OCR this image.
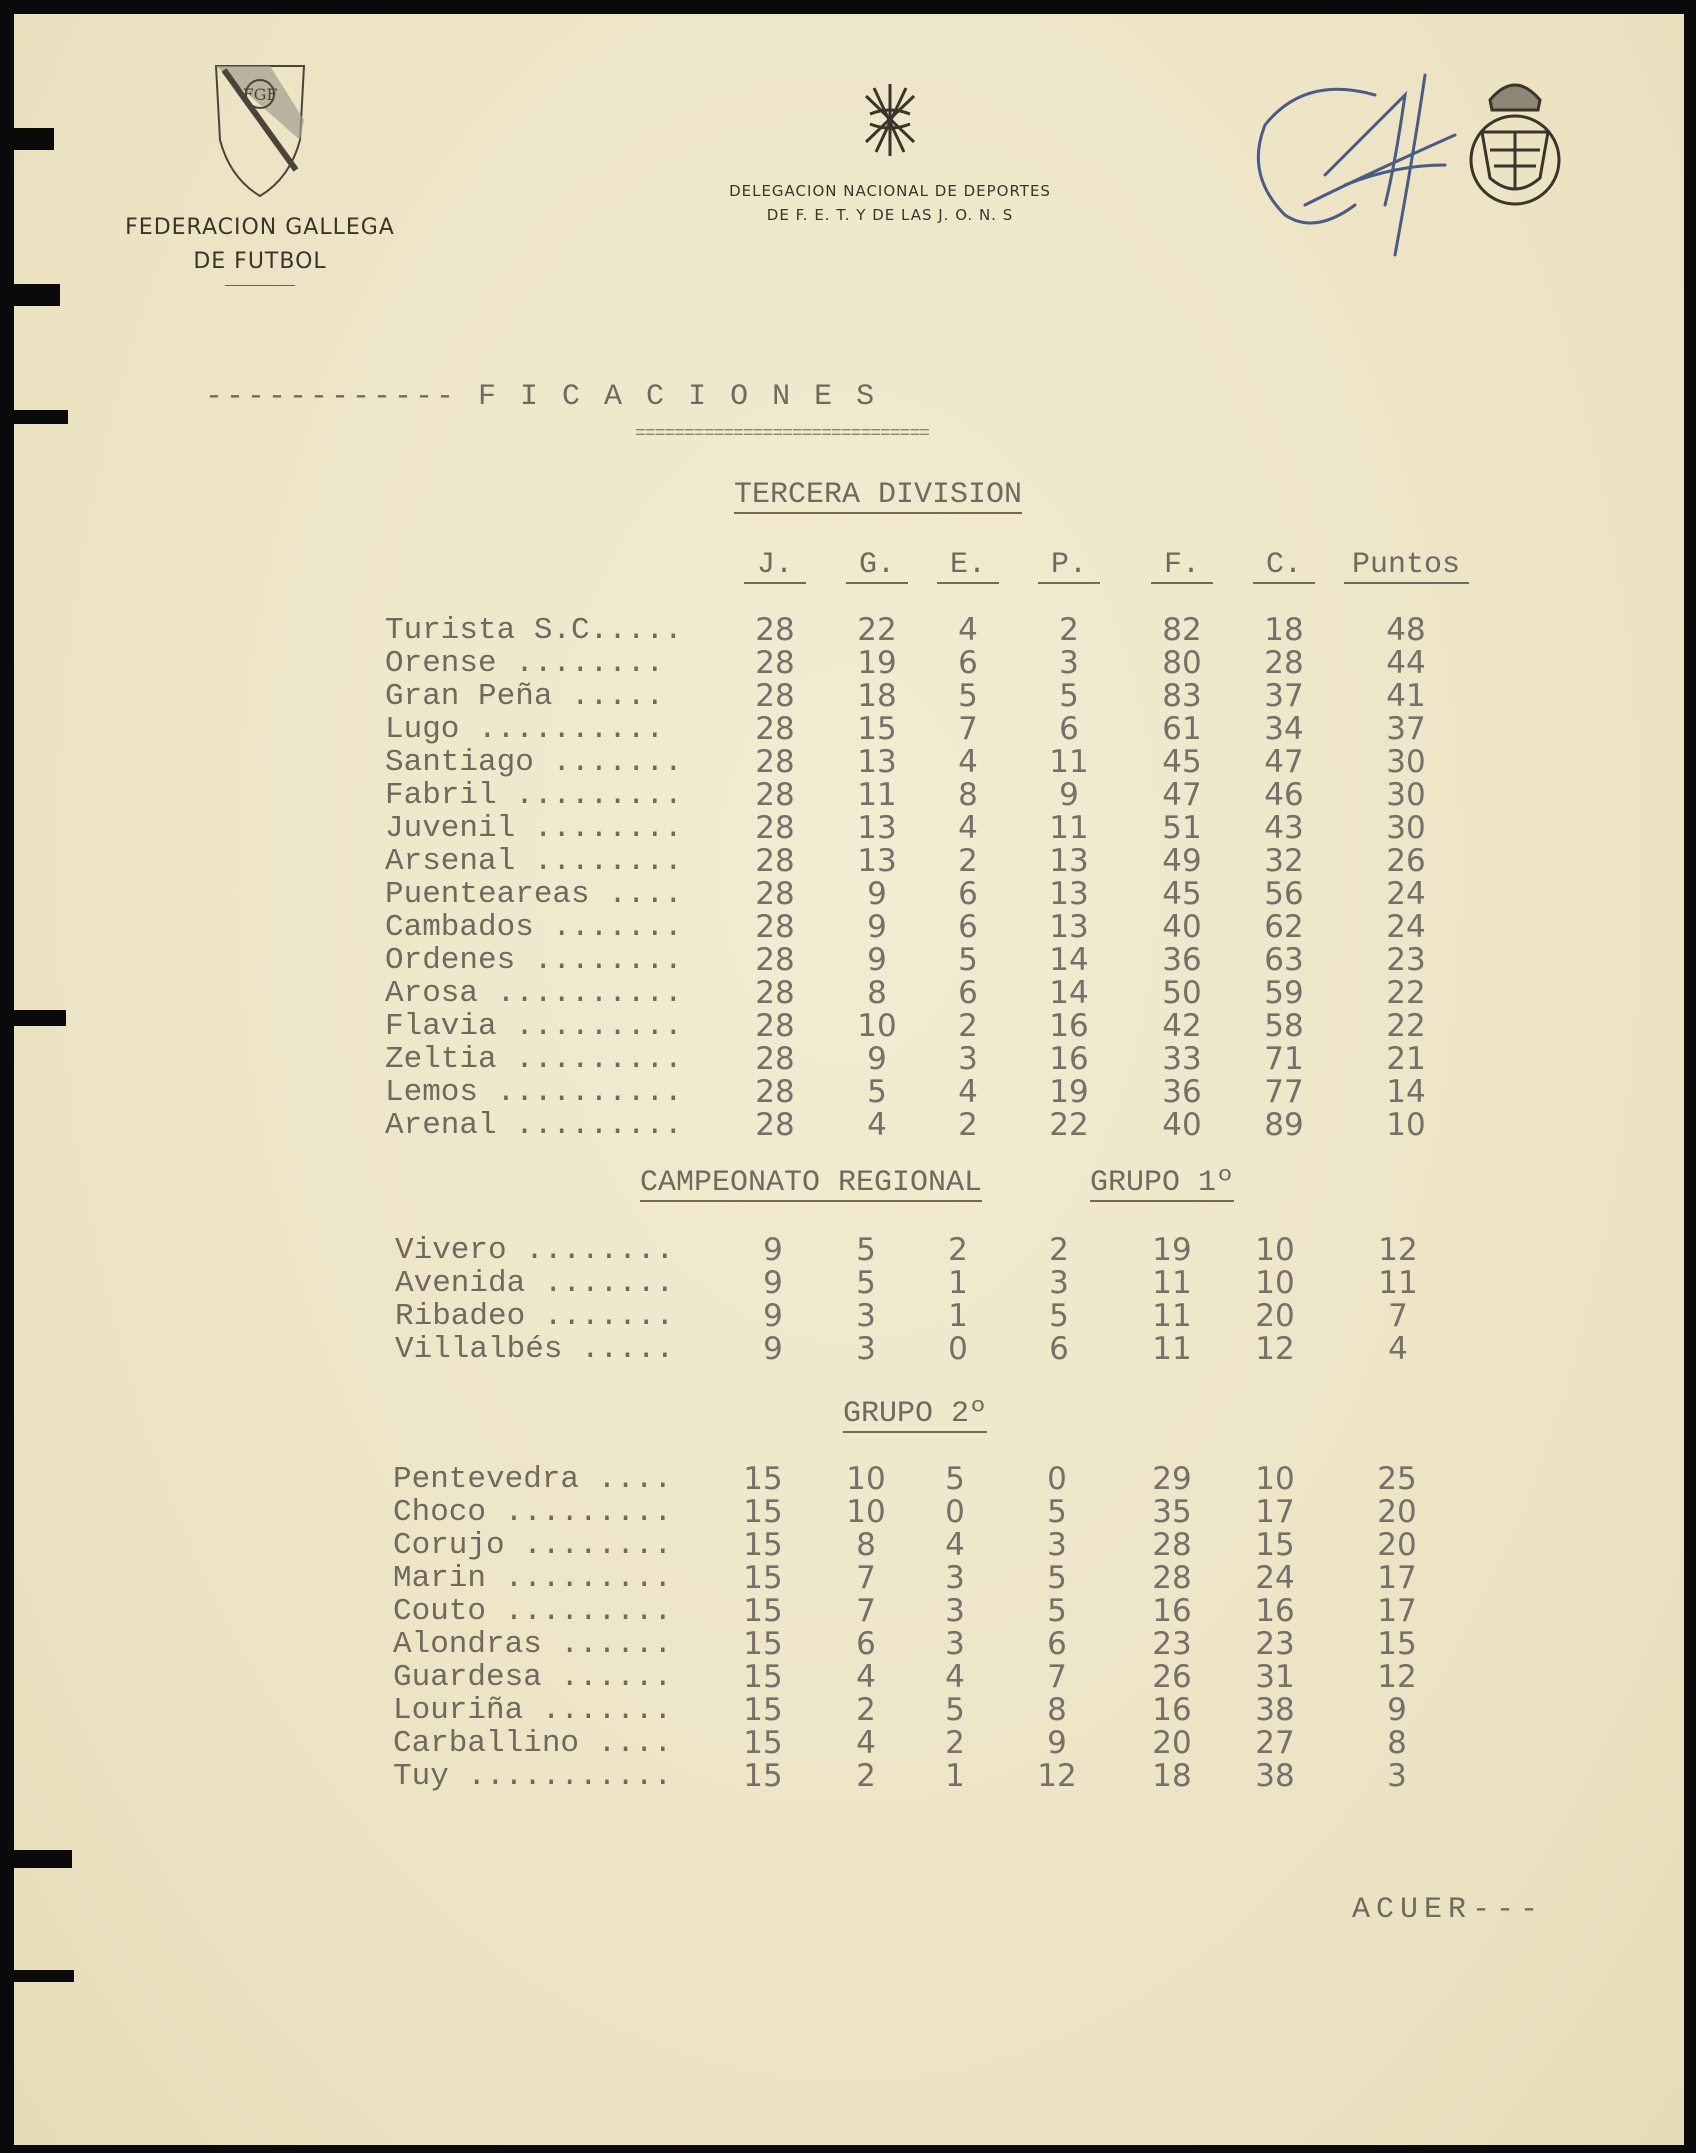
FGF
FEDERACION GALLEGA
DE FUTBOL
DELEGACION NACIONAL DE DEPORTES
DE F. E. T. Y DE LAS J. O. N. S
------------ F I C A C I O N E S
==============================
TERCERA DIVISION
J.	G.	E.	P.	F.	C.	Puntos
Turista S.C.....	28	22	4	2	82	18	48
Orense ........	28	19	6	3	80	28	44
Gran Peña .....	28	18	5	5	83	37	41
Lugo ..........	28	15	7	6	61	34	37
Santiago .......	28	13	4	11	45	47	30
Fabril .........	28	11	8	9	47	46	30
Juvenil ........	28	13	4	11	51	43	30
Arsenal ........	28	13	2	13	49	32	26
Puenteareas ....	28	9	6	13	45	56	24
Cambados .......	28	9	6	13	40	62	24
Ordenes ........	28	9	5	14	36	63	23
Arosa ..........	28	8	6	14	50	59	22
Flavia .........	28	10	2	16	42	58	22
Zeltia .........	28	9	3	16	33	71	21
Lemos ..........	28	5	4	19	36	77	14
Arenal .........	28	4	2	22	40	89	10
CAMPEONATO REGIONAL	GRUPO 1º
Vivero ........	9	5	2	2	19	10	12
Avenida .......	9	5	1	3	11	10	11
Ribadeo .......	9	3	1	5	11	20	7
Villalbés .....	9	3	0	6	11	12	4
GRUPO 2º
Pentevedra ....	15	10	5	0	29	10	25
Choco .........	15	10	0	5	35	17	20
Corujo ........	15	8	4	3	28	15	20
Marin .........	15	7	3	5	28	24	17
Couto .........	15	7	3	5	16	16	17
Alondras ......	15	6	3	6	23	23	15
Guardesa ......	15	4	4	7	26	31	12
Louriña .......	15	2	5	8	16	38	9
Carballino ....	15	4	2	9	20	27	8
Tuy ...........	15	2	1	12	18	38	3
ACUER---
